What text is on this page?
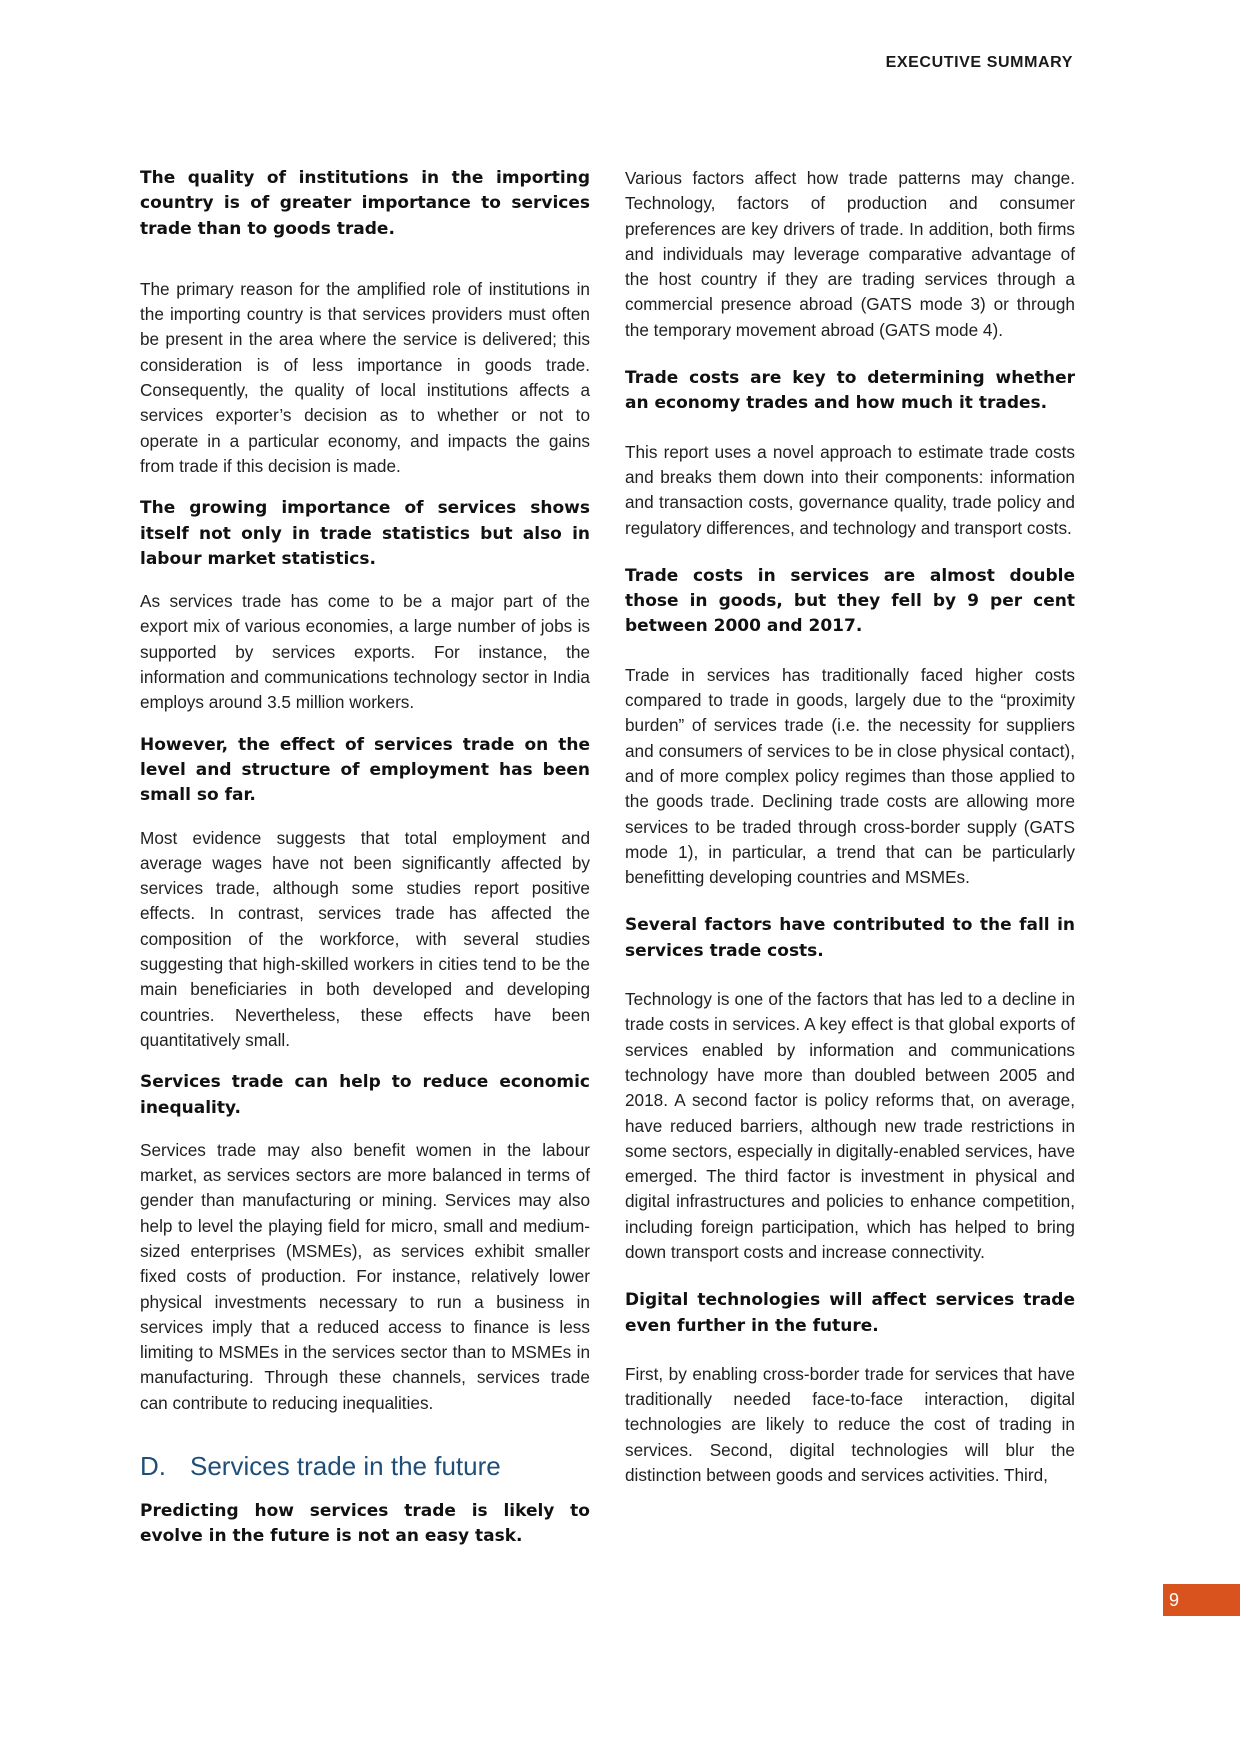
EXECUTIVE SUMMARY

The quality of institutions in the importing country is of greater importance to services trade than to goods trade.

The primary reason for the amplified role of institutions in the importing country is that services providers must often be present in the area where the service is delivered; this consideration is of less importance in goods trade. Consequently, the quality of local institutions affects a services exporter’s decision as to whether or not to operate in a particular economy, and impacts the gains from trade if this decision is made.

The growing importance of services shows itself not only in trade statistics but also in labour market statistics.

As services trade has come to be a major part of the export mix of various economies, a large number of jobs is supported by services exports. For instance, the information and communications technology sector in India employs around 3.5 million workers.

However, the effect of services trade on the level and structure of employment has been small so far.

Most evidence suggests that total employment and average wages have not been significantly affected by services trade, although some studies report positive effects. In contrast, services trade has affected the composition of the workforce, with several studies suggesting that high-skilled workers in cities tend to be the main beneficiaries in both developed and developing countries. Nevertheless, these effects have been quantitatively small.

Services trade can help to reduce economic inequality.

Services trade may also benefit women in the labour market, as services sectors are more balanced in terms of gender than manufacturing or mining. Services may also help to level the playing field for micro, small and medium-sized enterprises (MSMEs), as services exhibit smaller fixed costs of production. For instance, relatively lower physical investments necessary to run a business in services imply that a reduced access to finance is less limiting to MSMEs in the services sector than to MSMEs in manufacturing. Through these channels, services trade can contribute to reducing inequalities.

D. Services trade in the future

Predicting how services trade is likely to evolve in the future is not an easy task.

Various factors affect how trade patterns may change. Technology, factors of production and consumer preferences are key drivers of trade. In addition, both firms and individuals may leverage comparative advantage of the host country if they are trading services through a commercial presence abroad (GATS mode 3) or through the temporary movement abroad (GATS mode 4).

Trade costs are key to determining whether an economy trades and how much it trades.

This report uses a novel approach to estimate trade costs and breaks them down into their components: information and transaction costs, governance quality, trade policy and regulatory differences, and technology and transport costs.

Trade costs in services are almost double those in goods, but they fell by 9 per cent between 2000 and 2017.

Trade in services has traditionally faced higher costs compared to trade in goods, largely due to the “proximity burden” of services trade (i.e. the necessity for suppliers and consumers of services to be in close physical contact), and of more complex policy regimes than those applied to the goods trade. Declining trade costs are allowing more services to be traded through cross-border supply (GATS mode 1), in particular, a trend that can be particularly benefitting developing countries and MSMEs.

Several factors have contributed to the fall in services trade costs.

Technology is one of the factors that has led to a decline in trade costs in services. A key effect is that global exports of services enabled by information and communications technology have more than doubled between 2005 and 2018. A second factor is policy reforms that, on average, have reduced barriers, although new trade restrictions in some sectors, especially in digitally-enabled services, have emerged. The third factor is investment in physical and digital infrastructures and policies to enhance competition, including foreign participation, which has helped to bring down transport costs and increase connectivity.

Digital technologies will affect services trade even further in the future.

First, by enabling cross-border trade for services that have traditionally needed face-to-face interaction, digital technologies are likely to reduce the cost of trading in services. Second, digital technologies will blur the distinction between goods and services activities. Third,

9
